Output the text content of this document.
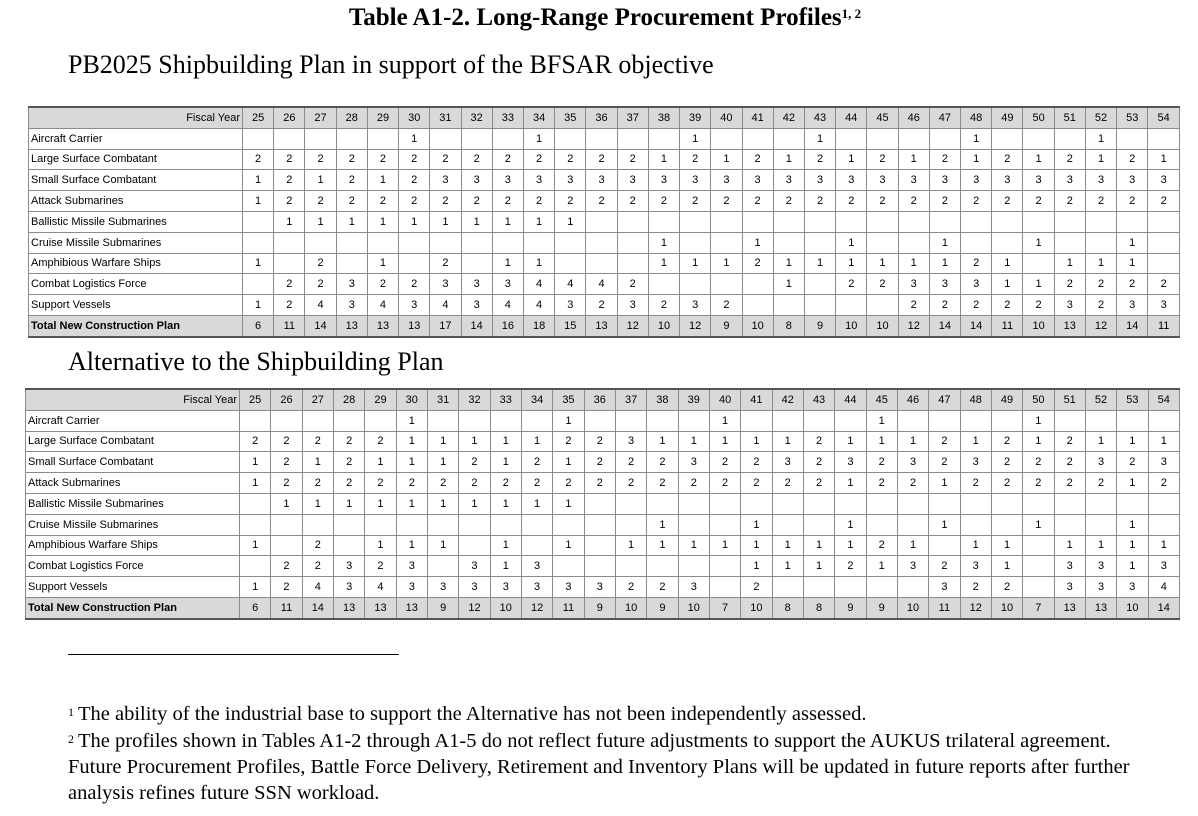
Table A1-2. Long-Range Procurement Profiles$^{1, 2}$
PB2025 Shipbuilding Plan in support of the BFSAR objective
Fiscal Year	25	26	27	28	29	30	31	32	33	34	35	36	37	38	39	40	41	42	43	44	45	46	47	48	49	50	51	52	53	54
Aircraft Carrier						1				1					1				1					1				1		
Large Surface Combatant	2	2	2	2	2	2	2	2	2	2	2	2	2	1	2	1	2	1	2	1	2	1	2	1	2	1	2	1	2	1
Small Surface Combatant	1	2	1	2	1	2	3	3	3	3	3	3	3	3	3	3	3	3	3	3	3	3	3	3	3	3	3	3	3	3
Attack Submarines	1	2	2	2	2	2	2	2	2	2	2	2	2	2	2	2	2	2	2	2	2	2	2	2	2	2	2	2	2	2
Ballistic Missile Submarines		1	1	1	1	1	1	1	1	1	1																			
Cruise Missile Submarines														1			1			1			1			1			1	
Amphibious Warfare Ships	1		2		1		2		1	1				1	1	1	2	1	1	1	1	1	1	2	1		1	1	1	
Combat Logistics Force		2	2	3	2	2	3	3	3	4	4	4	2					1		2	2	3	3	3	1	1	2	2	2	2
Support Vessels	1	2	4	3	4	3	4	3	4	4	3	2	3	2	3	2						2	2	2	2	2	3	2	3	3
Total New Construction Plan	6	11	14	13	13	13	17	14	16	18	15	13	12	10	12	9	10	8	9	10	10	12	14	14	11	10	13	12	14	11
Alternative to the Shipbuilding Plan
Fiscal Year	25	26	27	28	29	30	31	32	33	34	35	36	37	38	39	40	41	42	43	44	45	46	47	48	49	50	51	52	53	54
Aircraft Carrier						1					1					1					1					1				
Large Surface Combatant	2	2	2	2	2	1	1	1	1	1	2	2	3	1	1	1	1	1	2	1	1	1	2	1	2	1	2	1	1	1
Small Surface Combatant	1	2	1	2	1	1	1	2	1	2	1	2	2	2	3	2	2	3	2	3	2	3	2	3	2	2	2	3	2	3
Attack Submarines	1	2	2	2	2	2	2	2	2	2	2	2	2	2	2	2	2	2	2	1	2	2	1	2	2	2	2	2	1	2
Ballistic Missile Submarines		1	1	1	1	1	1	1	1	1	1																			
Cruise Missile Submarines														1			1			1			1			1			1	
Amphibious Warfare Ships	1		2		1	1	1		1		1		1	1	1	1	1	1	1	1	2	1		1	1		1	1	1	1
Combat Logistics Force		2	2	3	2	3		3	1	3							1	1	1	2	1	3	2	3	1		3	3	1	3
Support Vessels	1	2	4	3	4	3	3	3	3	3	3	3	2	2	3		2						3	2	2		3	3	3	4
Total New Construction Plan	6	11	14	13	13	13	9	12	10	12	11	9	10	9	10	7	10	8	8	9	9	10	11	12	10	7	13	13	10	14
$^1$ The ability of the industrial base to support the Alternative has not been independently assessed.
$^2$ The profiles shown in Tables A1-2 through A1-5 do not reflect future adjustments to support the AUKUS trilateral agreement. Future Procurement Profiles, Battle Force Delivery, Retirement and Inventory Plans will be updated in future reports after further analysis refines future SSN workload.
